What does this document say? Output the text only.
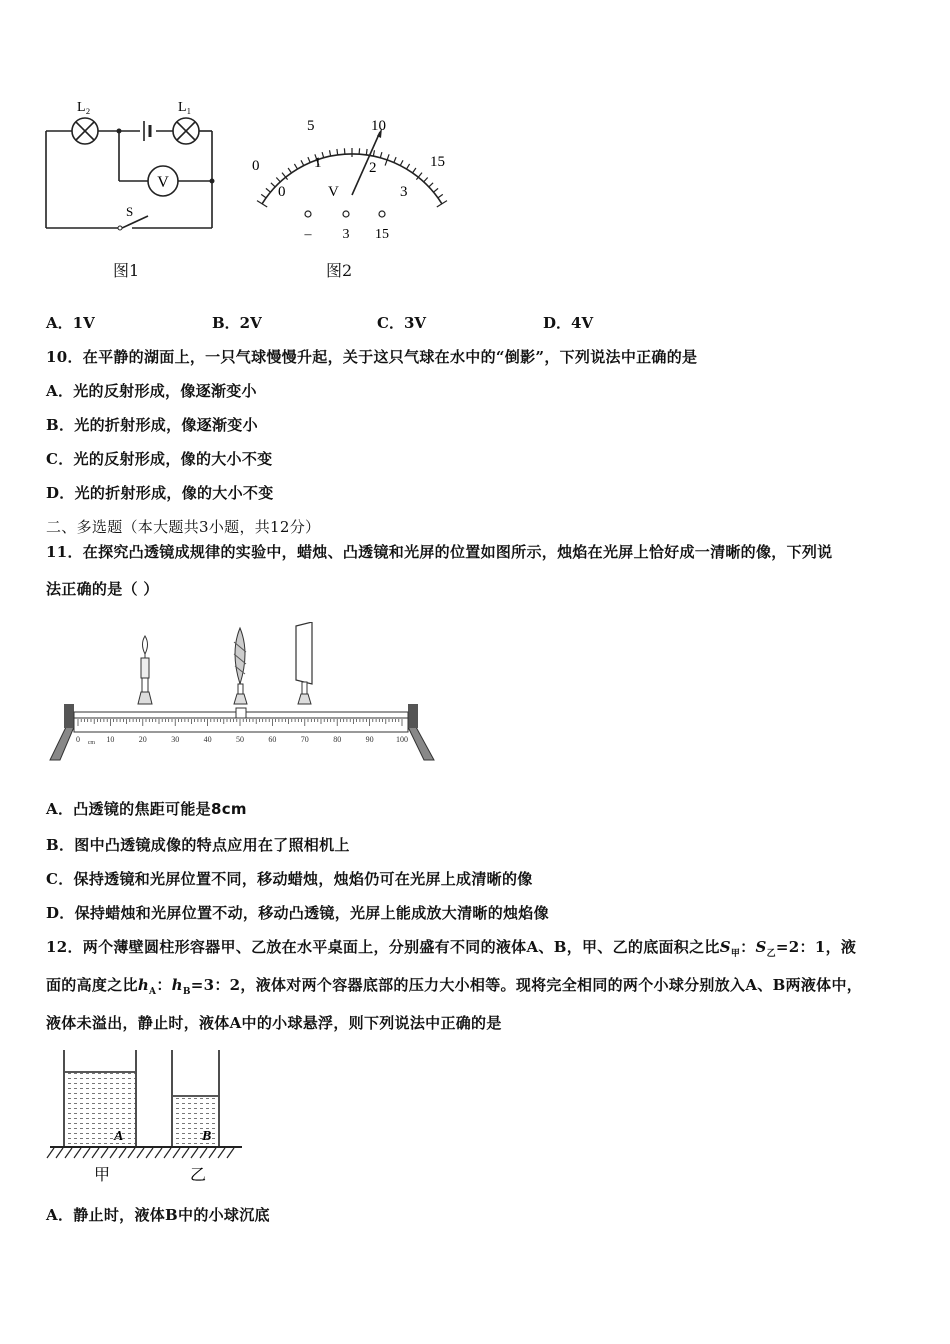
V
L₂	L₁
S
图1
0
5	10
15
0
1	2
3
V
– 3 15
图2
A．1V	B．2V	C．3V	D．4V
10．在平静的湖面上，一只气球慢慢升起，关于这只气球在水中的“倒影”，下列说法中正确的是
A．光的反射形成，像逐渐变小
B．光的折射形成，像逐渐变小
C．光的反射形成，像的大小不变
D．光的折射形成，像的大小不变
二、多选题（本大题共3小题，共12分）
11．在探究凸透镜成规律的实验中，蜡烛、凸透镜和光屏的位置如图所示，烛焰在光屏上恰好成一清晰的像，下列说
法正确的是（ ）
0 cm 10	20	30	40	50	60	70	80	90	100
A．凸透镜的焦距可能是8cm
B．图中凸透镜成像的特点应用在了照相机上
C．保持透镜和光屏位置不同，移动蜡烛，烛焰仍可在光屏上成清晰的像
D．保持蜡烛和光屏位置不动，移动凸透镜，光屏上能成放大清晰的烛焰像
12．两个薄壁圆柱形容器甲、乙放在水平桌面上，分别盛有不同的液体A、B，甲、乙的底面积之比$S_甲$：$S_乙=2$：1，液
面的高度之比$h_A$：$h_B=3$：2，液体对两个容器底部的压力大小相等。现将完全相同的两个小球分别放入A、B两液体中，
液体未溢出，静止时，液体A中的小球悬浮，则下列说法中正确的是
A	B
甲	乙
A．静止时，液体B中的小球沉底
